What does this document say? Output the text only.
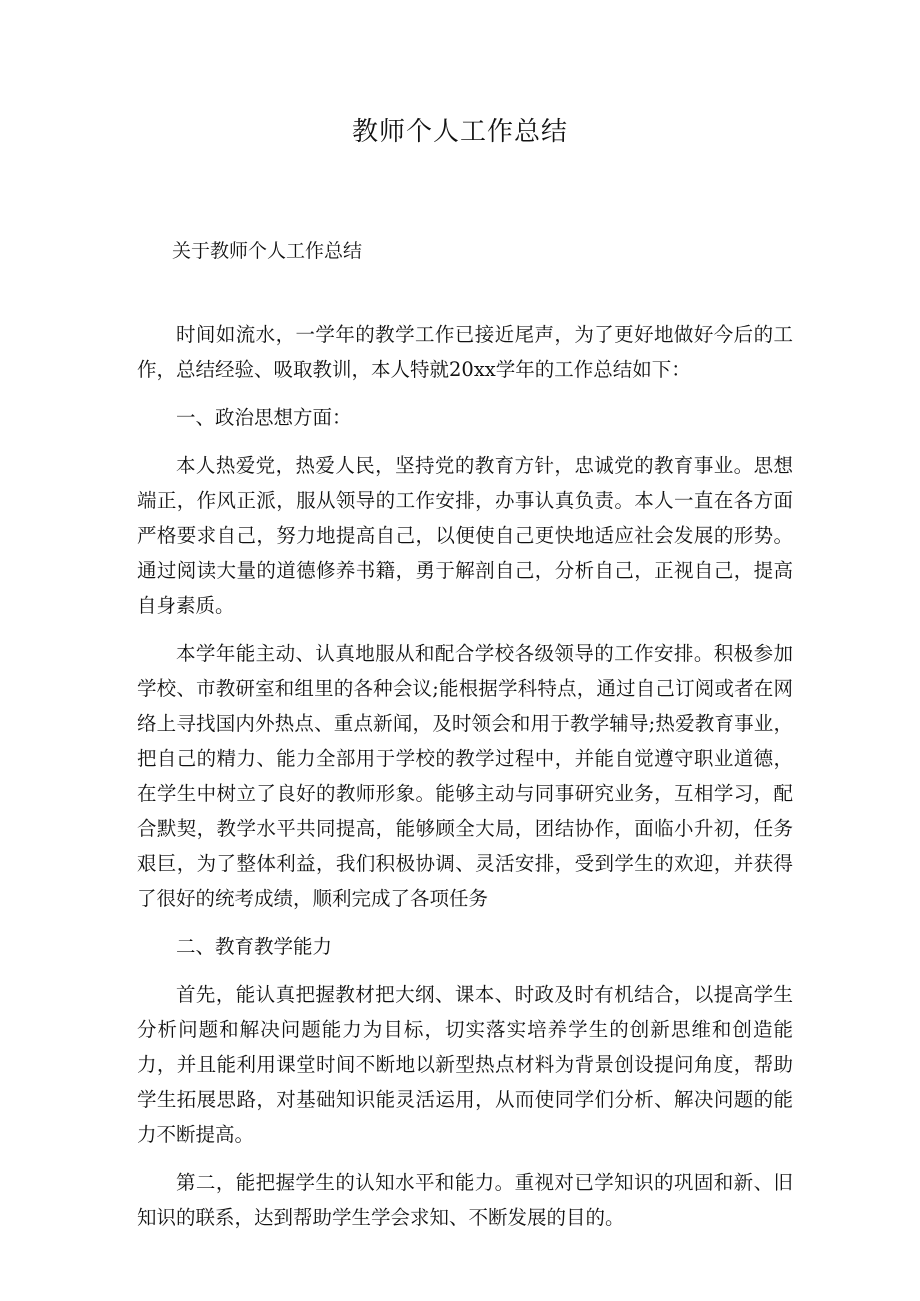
教师个人工作总结

关于教师个人工作总结

时间如流水，一学年的教学工作已接近尾声，为了更好地做好今后的工作，总结经验、吸取教训，本人特就20xx学年的工作总结如下：

一、政治思想方面：

本人热爱党，热爱人民，坚持党的教育方针，忠诚党的教育事业。思想端正，作风正派，服从领导的工作安排，办事认真负责。本人一直在各方面严格要求自己，努力地提高自己，以便使自己更快地适应社会发展的形势。通过阅读大量的道德修养书籍，勇于解剖自己，分析自己，正视自己，提高自身素质。

本学年能主动、认真地服从和配合学校各级领导的工作安排。积极参加学校、市教研室和组里的各种会议;能根据学科特点，通过自己订阅或者在网络上寻找国内外热点、重点新闻，及时领会和用于教学辅导;热爱教育事业，把自己的精力、能力全部用于学校的教学过程中，并能自觉遵守职业道德，在学生中树立了良好的教师形象。能够主动与同事研究业务，互相学习，配合默契，教学水平共同提高，能够顾全大局，团结协作，面临小升初，任务艰巨，为了整体利益，我们积极协调、灵活安排，受到学生的欢迎，并获得了很好的统考成绩，顺利完成了各项任务

二、教育教学能力

首先，能认真把握教材把大纲、课本、时政及时有机结合，以提高学生分析问题和解决问题能力为目标，切实落实培养学生的创新思维和创造能力，并且能利用课堂时间不断地以新型热点材料为背景创设提问角度，帮助学生拓展思路，对基础知识能灵活运用，从而使同学们分析、解决问题的能力不断提高。

第二，能把握学生的认知水平和能力。重视对已学知识的巩固和新、旧知识的联系，达到帮助学生学会求知、不断发展的目的。
